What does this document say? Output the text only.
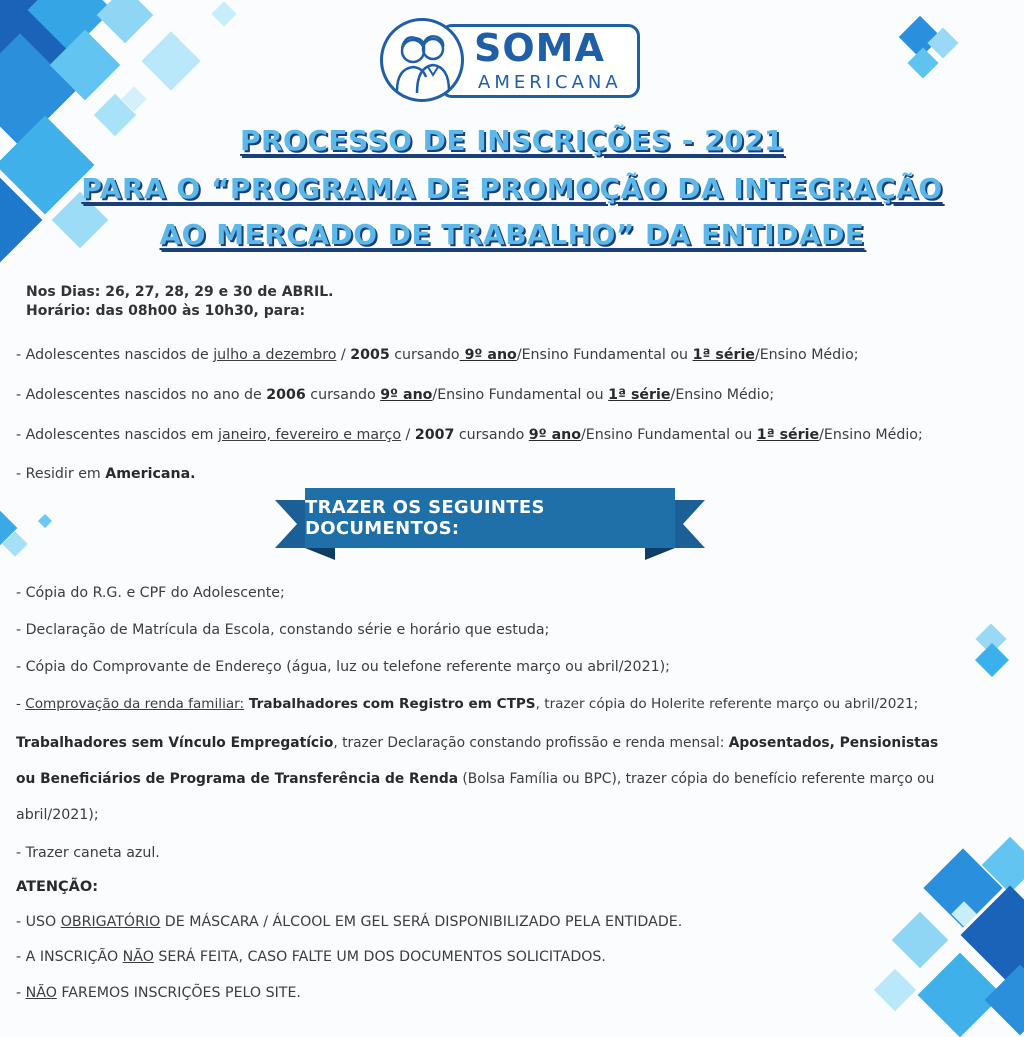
SOMA
AMERICANA
PROCESSO DE INSCRIÇÕES - 2021
PARA O “PROGRAMA DE PROMOÇÃO DA INTEGRAÇÃO
AO MERCADO DE TRABALHO” DA ENTIDADE
Nos Dias: 26, 27, 28, 29 e 30 de ABRIL.
Horário: das 08h00 às 10h30, para:
- Adolescentes nascidos de julho a dezembro / 2005 cursando 9º ano/Ensino Fundamental ou 1ª série/Ensino Médio;
- Adolescentes nascidos no ano de 2006 cursando 9º ano/Ensino Fundamental ou 1ª série/Ensino Médio;
- Adolescentes nascidos em janeiro, fevereiro e março / 2007 cursando 9º ano/Ensino Fundamental ou 1ª série/Ensino Médio;
- Residir em Americana.
TRAZER OS SEGUINTES DOCUMENTOS:
- Cópia do R.G. e CPF do Adolescente;
- Declaração de Matrícula da Escola, constando série e horário que estuda;
- Cópia do Comprovante de Endereço (água, luz ou telefone referente março ou abril/2021);
- Comprovação da renda familiar: Trabalhadores com Registro em CTPS, trazer cópia do Holerite referente março ou abril/2021;
Trabalhadores sem Vínculo Empregatício, trazer Declaração constando profissão e renda mensal: Aposentados, Pensionistas
ou Beneficiários de Programa de Transferência de Renda (Bolsa Família ou BPC), trazer cópia do benefício referente março ou
abril/2021);
- Trazer caneta azul.
ATENÇÃO:
- USO OBRIGATÓRIO DE MÁSCARA / ÁLCOOL EM GEL SERÁ DISPONIBILIZADO PELA ENTIDADE.
- A INSCRIÇÃO NÃO SERÁ FEITA, CASO FALTE UM DOS DOCUMENTOS SOLICITADOS.
- NÃO FAREMOS INSCRIÇÕES PELO SITE.
